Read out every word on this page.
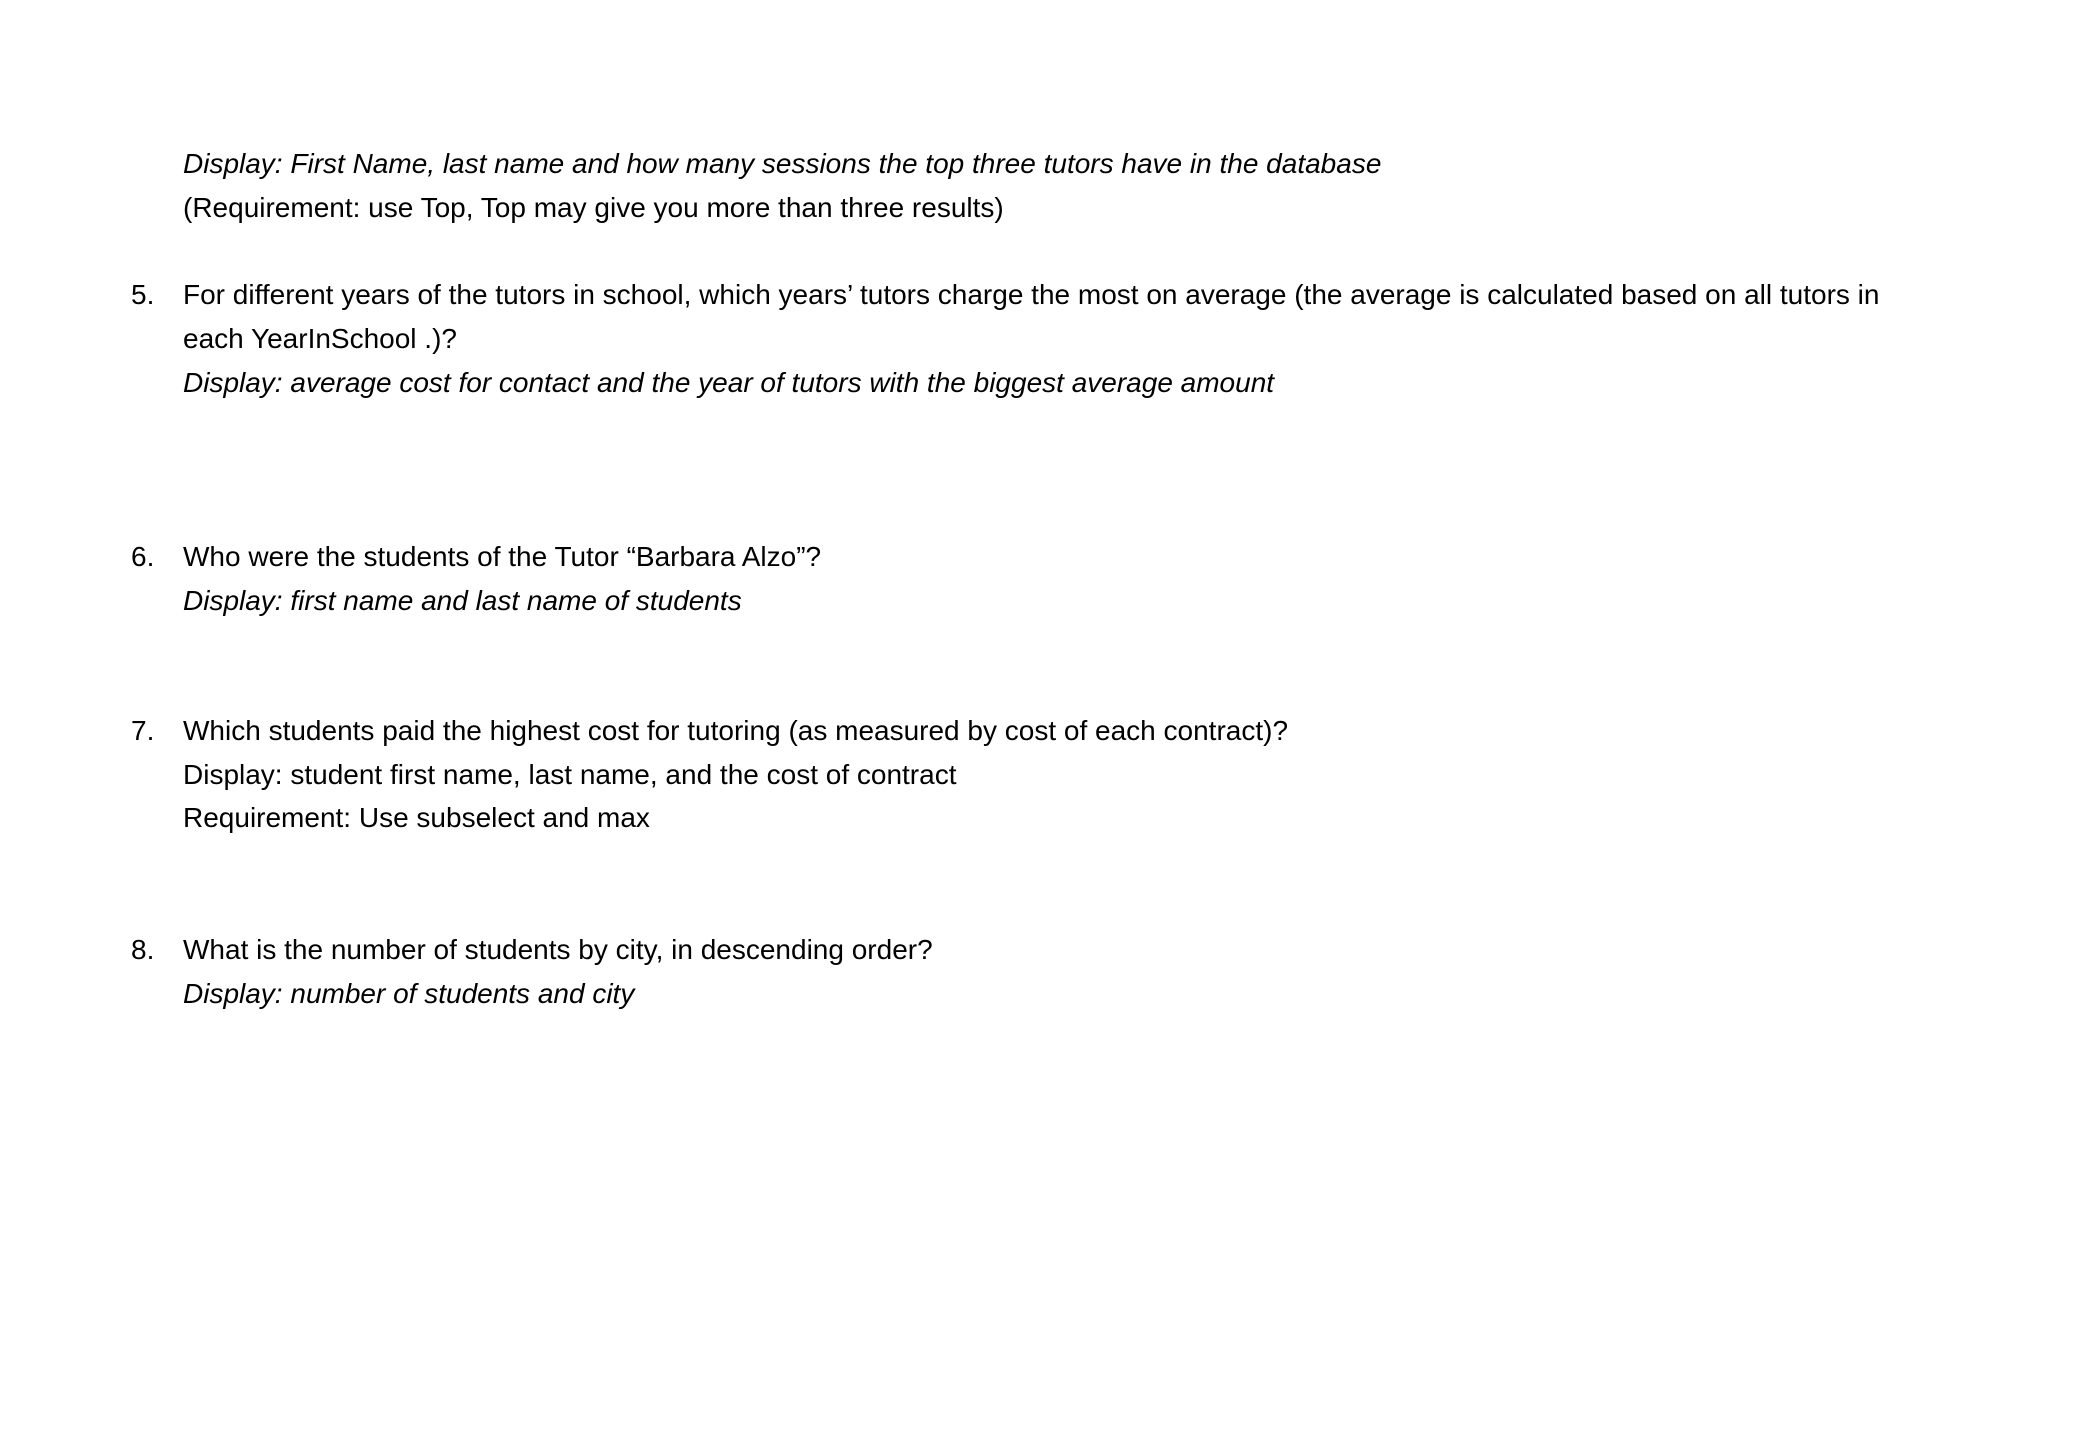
Display: First Name, last name and how many sessions the top three tutors have in the database
(Requirement: use Top, Top may give you more than three results)
5. For different years of the tutors in school, which years’ tutors charge the most on average (the average is calculated based on all tutors in
each YearInSchool .)?
Display: average cost for contact and the year of tutors with the biggest average amount
6. Who were the students of the Tutor “Barbara Alzo”?
Display: first name and last name of students
7. Which students paid the highest cost for tutoring (as measured by cost of each contract)?
Display: student first name, last name, and the cost of contract
Requirement: Use subselect and max
8. What is the number of students by city, in descending order?
Display: number of students and city
